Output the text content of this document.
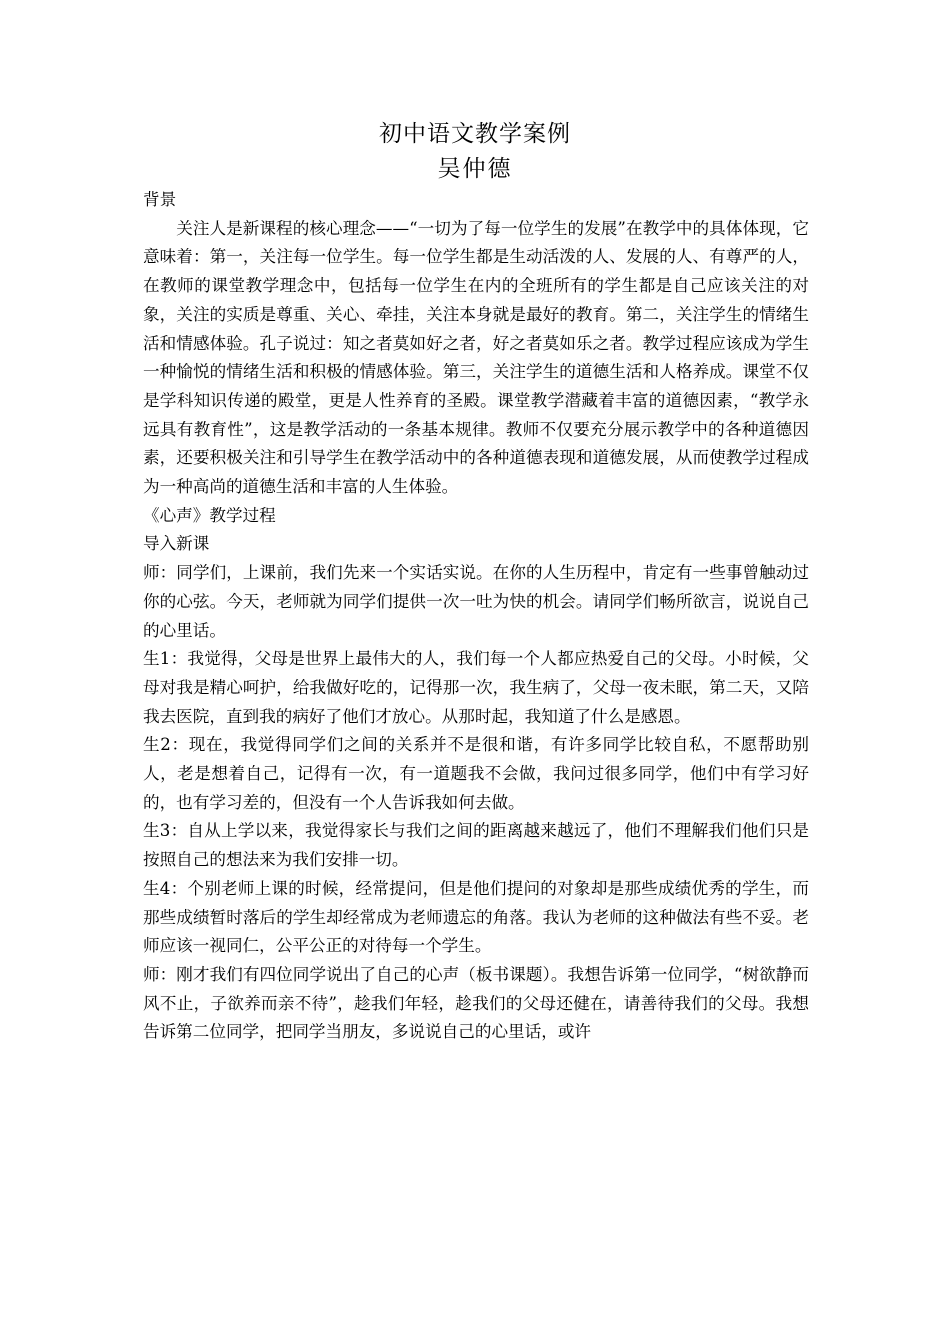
初中语文教学案例
吴仲德

背景

关注人是新课程的核心理念——“一切为了每一位学生的发展”在教学中的具体体现，它意味着：第一，关注每一位学生。每一位学生都是生动活泼的人、发展的人、有尊严的人，在教师的课堂教学理念中，包括每一位学生在内的全班所有的学生都是自己应该关注的对象，关注的实质是尊重、关心、牵挂，关注本身就是最好的教育。第二，关注学生的情绪生活和情感体验。孔子说过：知之者莫如好之者，好之者莫如乐之者。教学过程应该成为学生一种愉悦的情绪生活和积极的情感体验。第三，关注学生的道德生活和人格养成。课堂不仅是学科知识传递的殿堂，更是人性养育的圣殿。课堂教学潜藏着丰富的道德因素，“教学永远具有教育性”，这是教学活动的一条基本规律。教师不仅要充分展示教学中的各种道德因素，还要积极关注和引导学生在教学活动中的各种道德表现和道德发展，从而使教学过程成为一种高尚的道德生活和丰富的人生体验。

《心声》教学过程

导入新课

师：同学们，上课前，我们先来一个实话实说。在你的人生历程中，肯定有一些事曾触动过你的心弦。今天，老师就为同学们提供一次一吐为快的机会。请同学们畅所欲言，说说自己的心里话。

生1：我觉得，父母是世界上最伟大的人，我们每一个人都应热爱自己的父母。小时候，父母对我是精心呵护，给我做好吃的，记得那一次，我生病了，父母一夜未眠，第二天，又陪我去医院，直到我的病好了他们才放心。从那时起，我知道了什么是感恩。

生2：现在，我觉得同学们之间的关系并不是很和谐，有许多同学比较自私，不愿帮助别人，老是想着自己，记得有一次，有一道题我不会做，我问过很多同学，他们中有学习好的，也有学习差的，但没有一个人告诉我如何去做。

生3：自从上学以来，我觉得家长与我们之间的距离越来越远了，他们不理解我们他们只是按照自己的想法来为我们安排一切。

生4：个别老师上课的时候，经常提问，但是他们提问的对象却是那些成绩优秀的学生，而那些成绩暂时落后的学生却经常成为老师遗忘的角落。我认为老师的这种做法有些不妥。老师应该一视同仁，公平公正的对待每一个学生。

师：刚才我们有四位同学说出了自己的心声（板书课题）。我想告诉第一位同学，“树欲静而风不止，子欲养而亲不待”，趁我们年轻，趁我们的父母还健在，请善待我们的父母。我想告诉第二位同学，把同学当朋友，多说说自己的心里话，或许
